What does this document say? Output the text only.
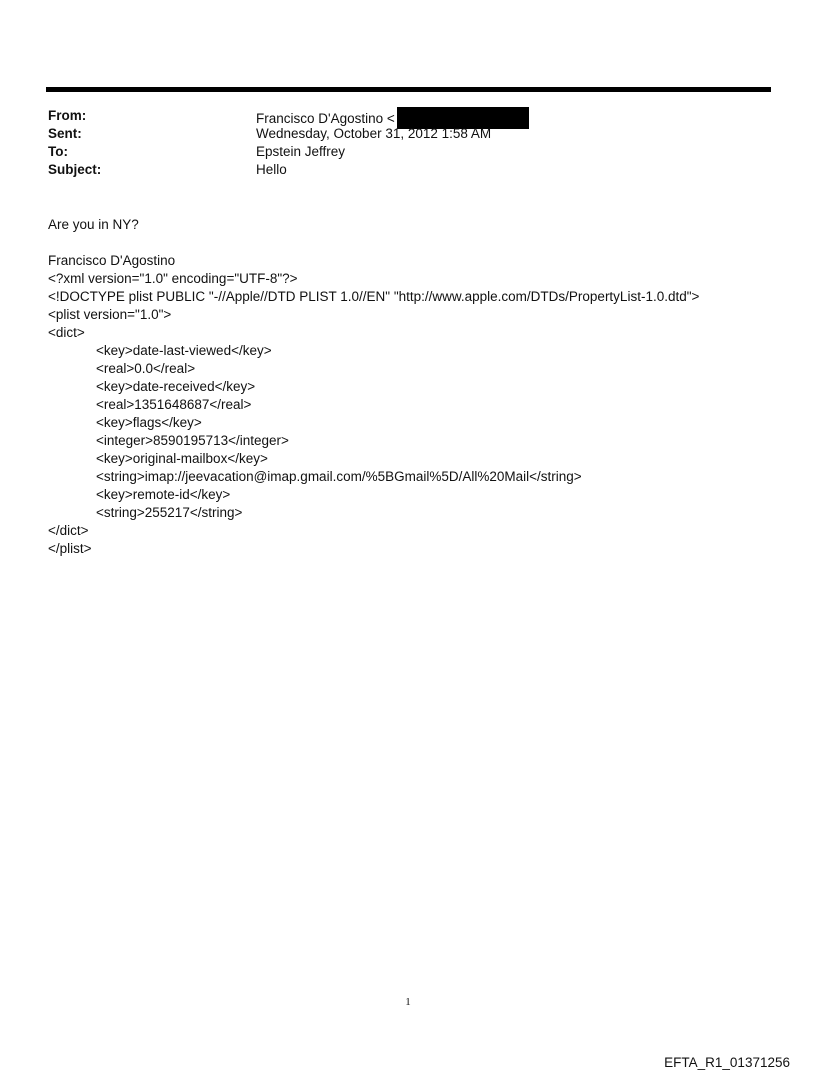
From:	Francisco D'Agostino <
Sent:	Wednesday, October 31, 2012 1:58 AM
To:	Epstein Jeffrey
Subject:	Hello
Are you in NY?
Francisco D'Agostino
<?xml version="1.0" encoding="UTF-8"?>
<!DOCTYPE plist PUBLIC "-//Apple//DTD PLIST 1.0//EN" "http://www.apple.com/DTDs/PropertyList-1.0.dtd">
<plist version="1.0">
<dict>
<key>date-last-viewed</key>
<real>0.0</real>
<key>date-received</key>
<real>1351648687</real>
<key>flags</key>
<integer>8590195713</integer>
<key>original-mailbox</key>
<string>imap://jeevacation@imap.gmail.com/%5BGmail%5D/All%20Mail</string>
<key>remote-id</key>
<string>255217</string>
</dict>
</plist>
1
EFTA_R1_01371256
